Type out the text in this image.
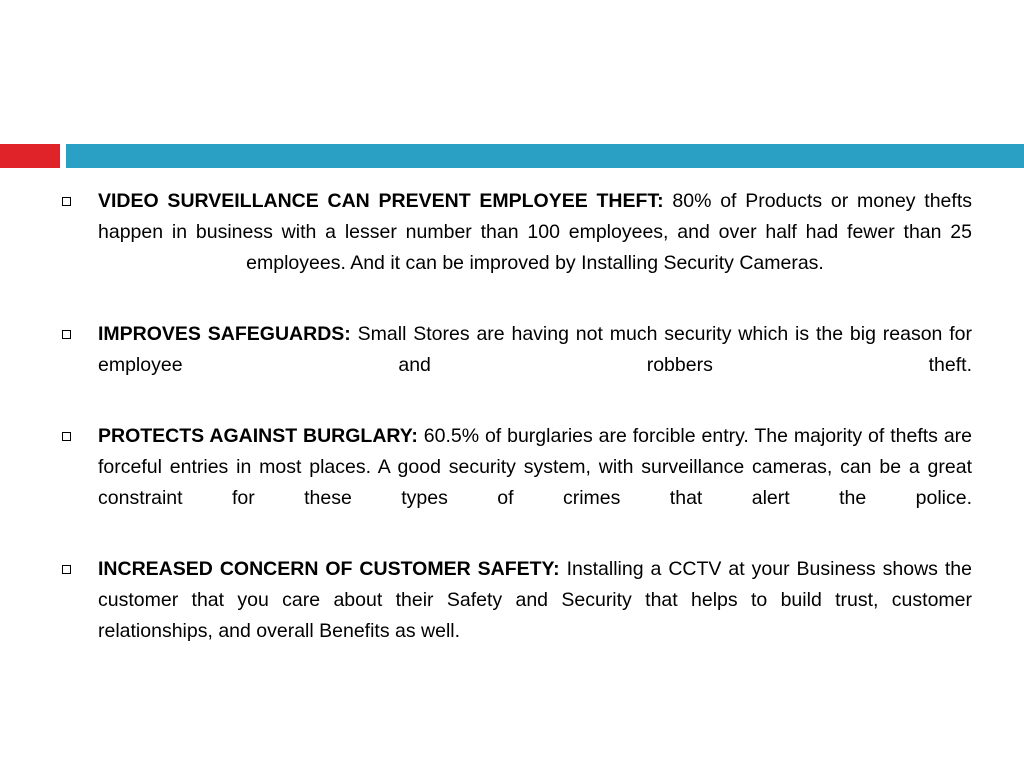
VIDEO SURVEILLANCE CAN PREVENT EMPLOYEE THEFT: 80% of Products or money thefts happen in business with a lesser number than 100 employees, and over half had fewer than 25 employees. And it can be improved by Installing Security Cameras.
IMPROVES SAFEGUARDS: Small Stores are having not much security which is the big reason for employee and robbers theft.
PROTECTS AGAINST BURGLARY: 60.5% of burglaries are forcible entry. The majority of thefts are forceful entries in most places. A good security system, with surveillance cameras, can be a great constraint for these types of crimes that alert the police.
INCREASED CONCERN OF CUSTOMER SAFETY: Installing a CCTV at your Business shows the customer that you care about their Safety and Security that helps to build trust, customer relationships, and overall Benefits as well.
